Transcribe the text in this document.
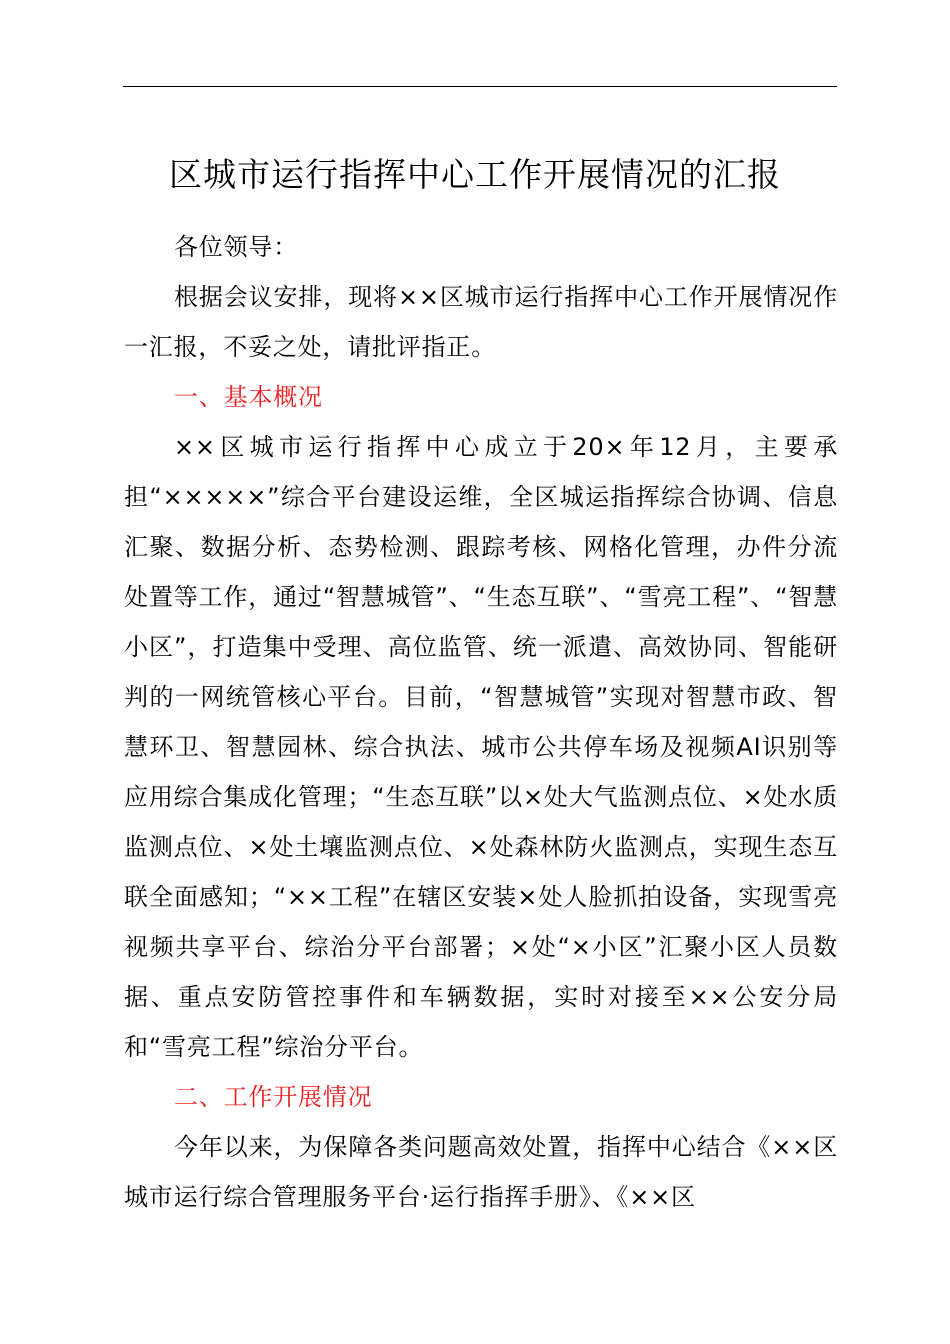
区城市运行指挥中心工作开展情况的汇报

各位领导：

根据会议安排，现将××区城市运行指挥中心工作开展情况作一汇报，不妥之处，请批评指正。

一、基本概况

××区城市运行指挥中心成立于20×年12月，主要承担“×××××”综合平台建设运维，全区城运指挥综合协调、信息汇聚、数据分析、态势检测、跟踪考核、网格化管理，办件分流处置等工作，通过“智慧城管”、“生态互联”、“雪亮工程”、“智慧小区”，打造集中受理、高位监管、统一派遣、高效协同、智能研判的一网统管核心平台。目前，“智慧城管”实现对智慧市政、智慧环卫、智慧园林、综合执法、城市公共停车场及视频AI识别等应用综合集成化管理；“生态互联”以×处大气监测点位、×处水质监测点位、×处土壤监测点位、×处森林防火监测点，实现生态互联全面感知；“××工程”在辖区安装×处人脸抓拍设备，实现雪亮视频共享平台、综治分平台部署；×处“×小区”汇聚小区人员数据、重点安防管控事件和车辆数据，实时对接至××公安分局和“雪亮工程”综治分平台。

二、工作开展情况

今年以来，为保障各类问题高效处置，指挥中心结合《××区城市运行综合管理服务平台·运行指挥手册》、《××区
